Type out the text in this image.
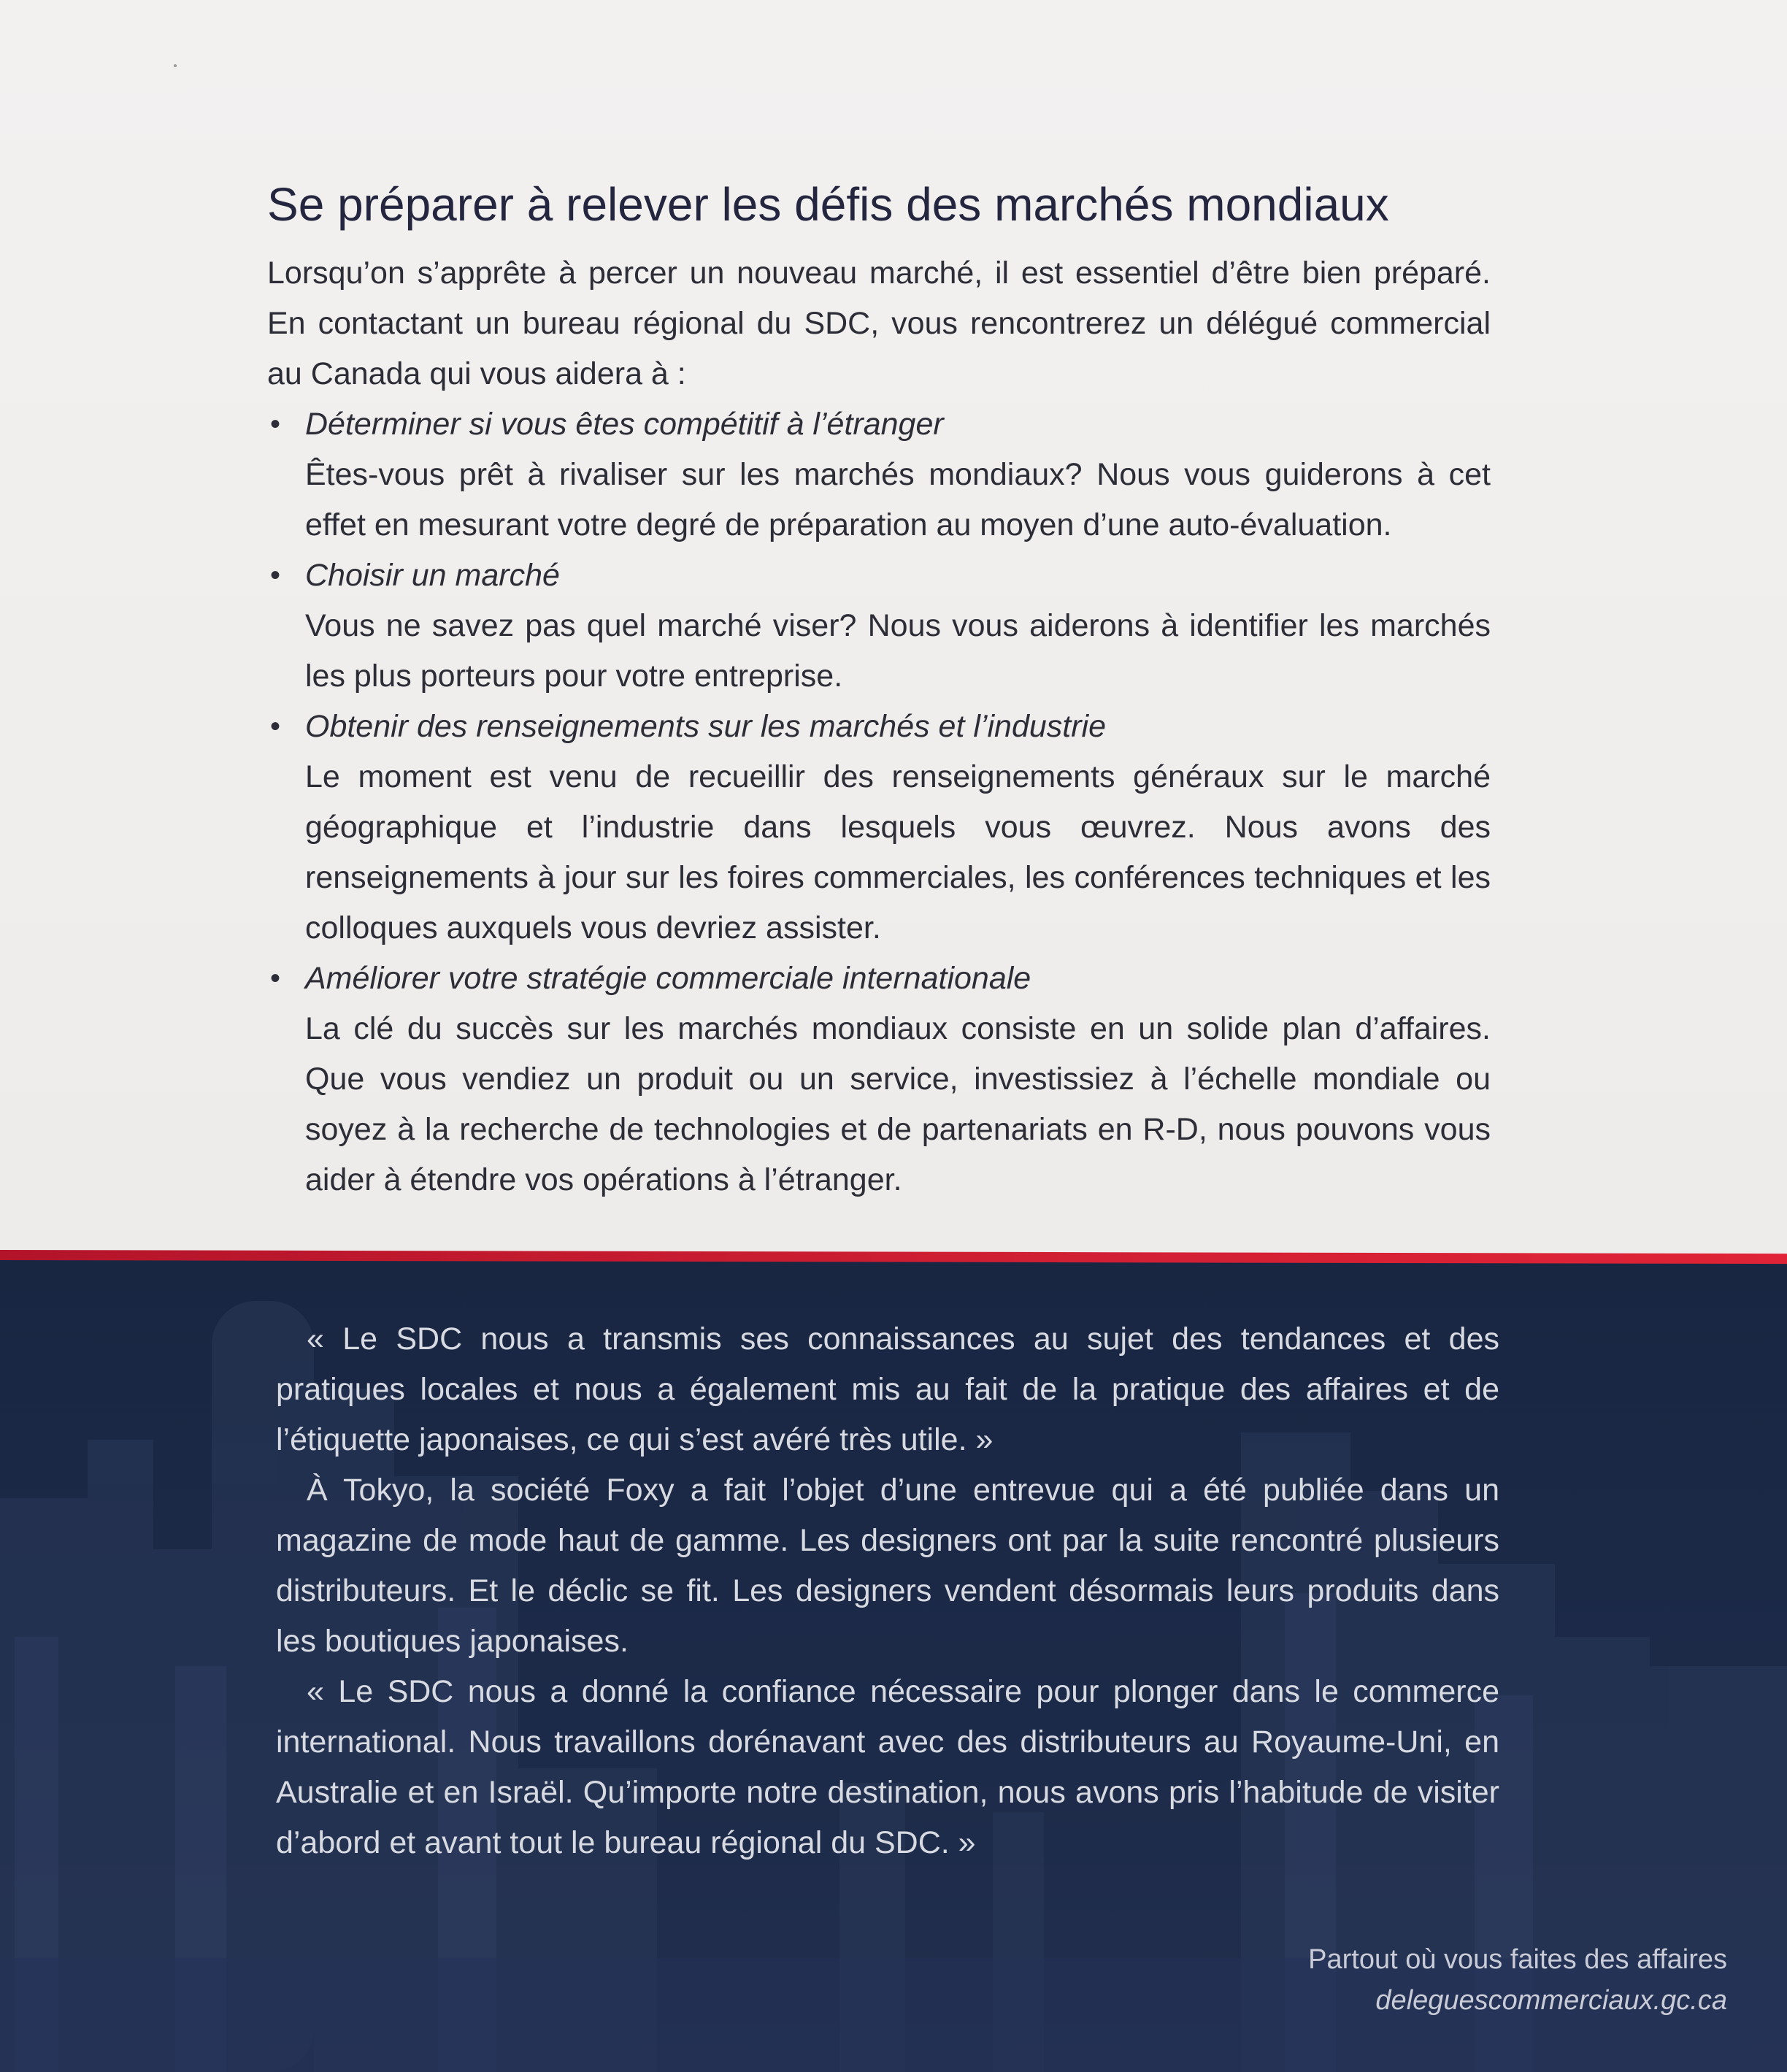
Se préparer à relever les défis des marchés mondiaux

Lorsqu’on s’apprête à percer un nouveau marché, il est essentiel d’être bien préparé. En contactant un bureau régional du SDC, vous rencontrerez un délégué commercial au Canada qui vous aidera à :

• Déterminer si vous êtes compétitif à l’étranger
Êtes-vous prêt à rivaliser sur les marchés mondiaux? Nous vous guiderons à cet effet en mesurant votre degré de préparation au moyen d’une auto-évaluation.
• Choisir un marché
Vous ne savez pas quel marché viser? Nous vous aiderons à identifier les marchés les plus porteurs pour votre entreprise.
• Obtenir des renseignements sur les marchés et l’industrie
Le moment est venu de recueillir des renseignements généraux sur le marché géographique et l’industrie dans lesquels vous œuvrez. Nous avons des renseignements à jour sur les foires commerciales, les conférences techniques et les colloques auxquels vous devriez assister.
• Améliorer votre stratégie commerciale internationale
La clé du succès sur les marchés mondiaux consiste en un solide plan d’affaires. Que vous vendiez un produit ou un service, investissiez à l’échelle mondiale ou soyez à la recherche de technologies et de partenariats en R-D, nous pouvons vous aider à étendre vos opérations à l’étranger.

« Le SDC nous a transmis ses connaissances au sujet des tendances et des pratiques locales et nous a également mis au fait de la pratique des affaires et de l’étiquette japonaises, ce qui s’est avéré très utile. »

À Tokyo, la société Foxy a fait l’objet d’une entrevue qui a été publiée dans un magazine de mode haut de gamme. Les designers ont par la suite rencontré plusieurs distributeurs. Et le déclic se fit. Les designers vendent désormais leurs produits dans les boutiques japonaises.

« Le SDC nous a donné la confiance nécessaire pour plonger dans le commerce international. Nous travaillons dorénavant avec des distributeurs au Royaume-Uni, en Australie et en Israël. Qu’importe notre destination, nous avons pris l’habitude de visiter d’abord et avant tout le bureau régional du SDC. »

Partout où vous faites des affaires
deleguescommerciaux.gc.ca
